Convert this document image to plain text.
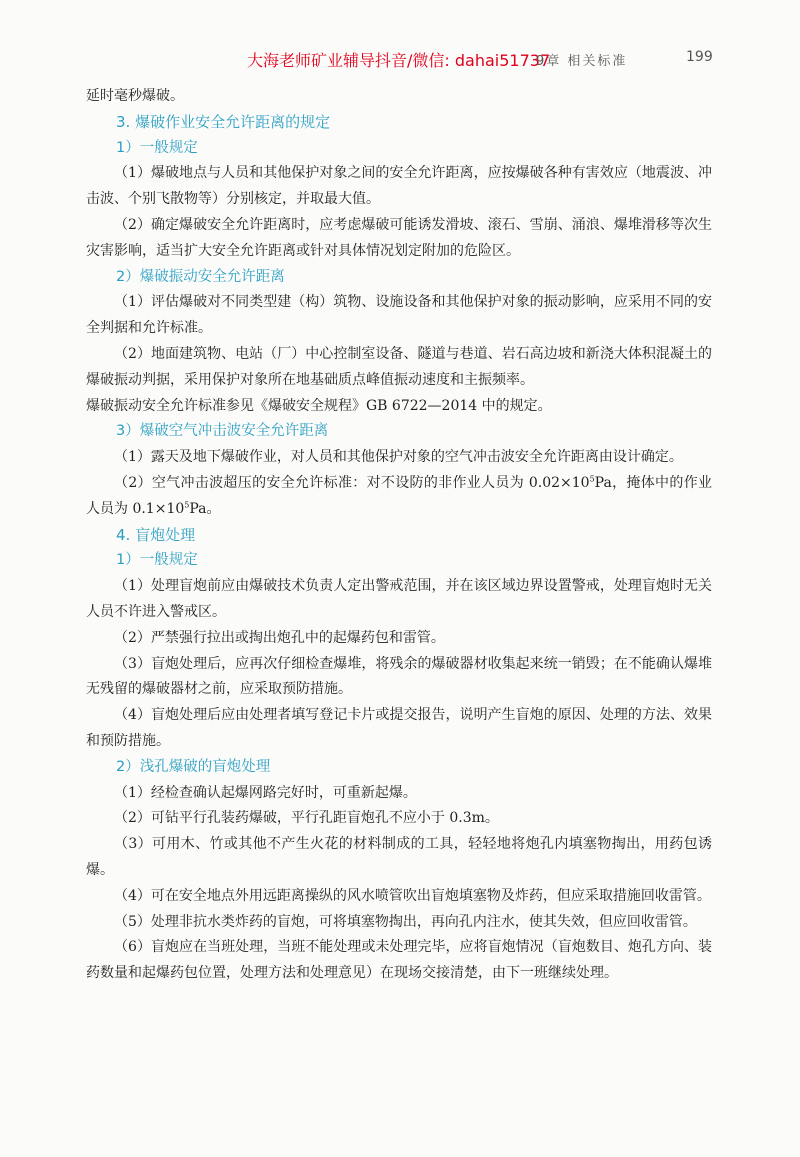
大海老师矿业辅导抖音/微信: dahai51737
9章 相关标准	199

延时毫秒爆破。

3. 爆破作业安全允许距离的规定
1）一般规定

（1）爆破地点与人员和其他保护对象之间的安全允许距离，应按爆破各种有害效应（地震波、冲击波、个别飞散物等）分别核定，并取最大值。

（2）确定爆破安全允许距离时，应考虑爆破可能诱发滑坡、滚石、雪崩、涌浪、爆堆滑移等次生灾害影响，适当扩大安全允许距离或针对具体情况划定附加的危险区。

2）爆破振动安全允许距离

（1）评估爆破对不同类型建（构）筑物、设施设备和其他保护对象的振动影响，应采用不同的安全判据和允许标准。

（2）地面建筑物、电站（厂）中心控制室设备、隧道与巷道、岩石高边坡和新浇大体积混凝土的爆破振动判据，采用保护对象所在地基础质点峰值振动速度和主振频率。

爆破振动安全允许标准参见《爆破安全规程》GB 6722—2014 中的规定。

3）爆破空气冲击波安全允许距离

（1）露天及地下爆破作业，对人员和其他保护对象的空气冲击波安全允许距离由设计确定。

（2）空气冲击波超压的安全允许标准：对不设防的非作业人员为 $0.02\times 10^5Pa$，掩体中的作业人员为 $0.1\times 10^5Pa$。

4. 盲炮处理
1）一般规定

（1）处理盲炮前应由爆破技术负责人定出警戒范围，并在该区域边界设置警戒，处理盲炮时无关人员不许进入警戒区。

（2）严禁强行拉出或掏出炮孔中的起爆药包和雷管。

（3）盲炮处理后，应再次仔细检查爆堆，将残余的爆破器材收集起来统一销毁；在不能确认爆堆无残留的爆破器材之前，应采取预防措施。

（4）盲炮处理后应由处理者填写登记卡片或提交报告，说明产生盲炮的原因、处理的方法、效果和预防措施。

2）浅孔爆破的盲炮处理

（1）经检查确认起爆网路完好时，可重新起爆。

（2）可钻平行孔装药爆破，平行孔距盲炮孔不应小于 0.3m。

（3）可用木、竹或其他不产生火花的材料制成的工具，轻轻地将炮孔内填塞物掏出，用药包诱爆。

（4）可在安全地点外用远距离操纵的风水喷管吹出盲炮填塞物及炸药，但应采取措施回收雷管。

（5）处理非抗水类炸药的盲炮，可将填塞物掏出，再向孔内注水，使其失效，但应回收雷管。

（6）盲炮应在当班处理，当班不能处理或未处理完毕，应将盲炮情况（盲炮数目、炮孔方向、装药数量和起爆药包位置，处理方法和处理意见）在现场交接清楚，由下一班继续处理。
